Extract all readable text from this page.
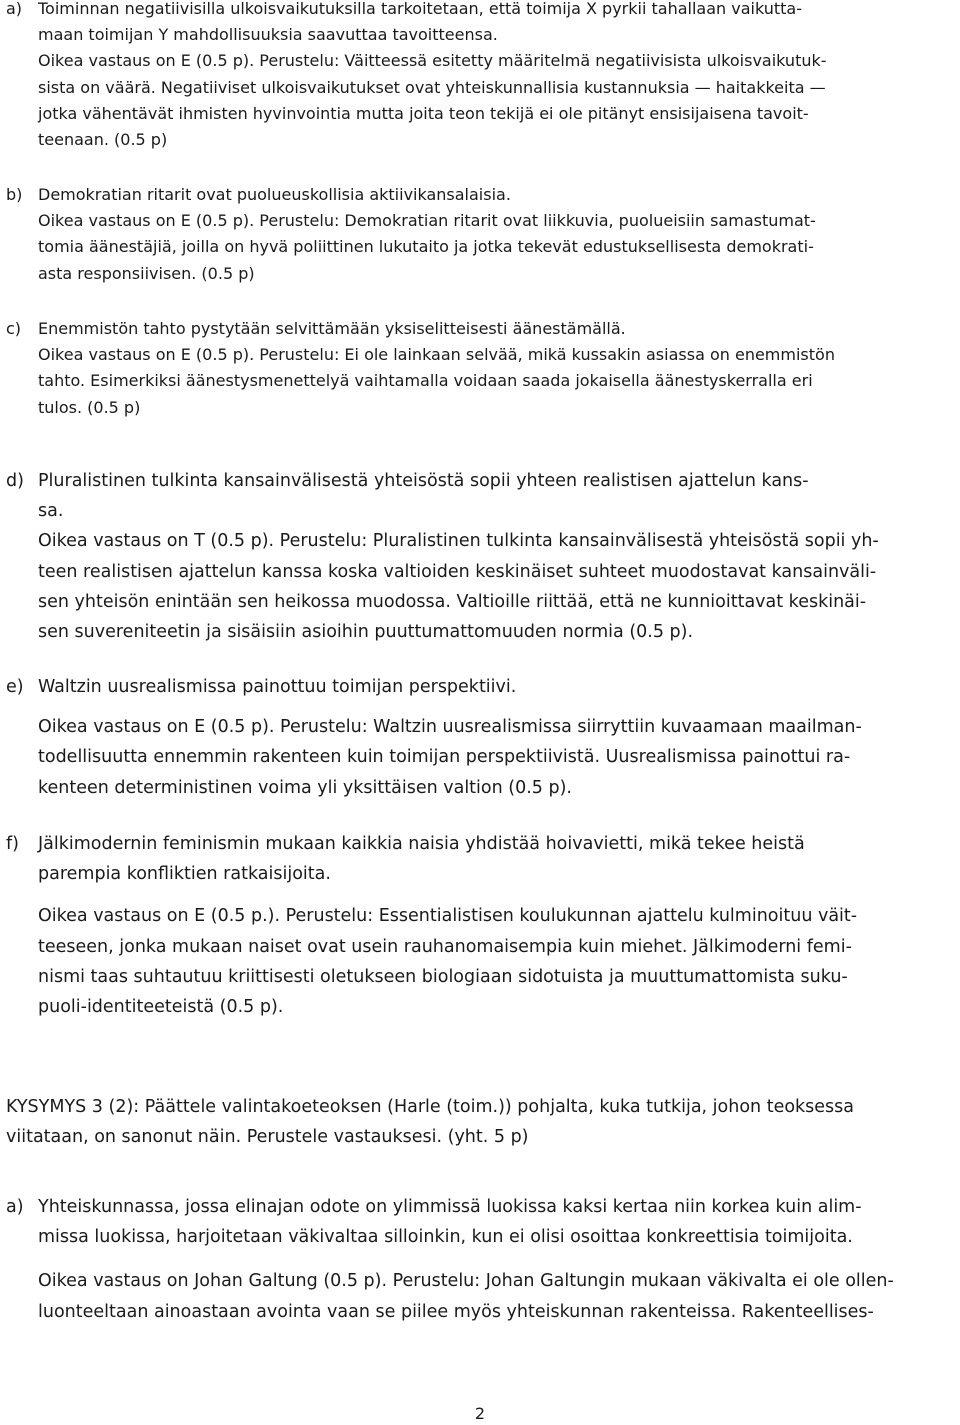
a) Toiminnan negatiivisilla ulkoisvaikutuksilla tarkoitetaan, että toimija X pyrkii tahallaan vaikutta-

maan toimijan Y mahdollisuuksia saavuttaa tavoitteensa.

Oikea vastaus on E (0.5 p). Perustelu: Väitteessä esitetty määritelmä negatiivisista ulkoisvaikutuk-

sista on väärä. Negatiiviset ulkoisvaikutukset ovat yhteiskunnallisia kustannuksia — haitakkeita —

jotka vähentävät ihmisten hyvinvointia mutta joita teon tekijä ei ole pitänyt ensisijaisena tavoit-

teenaan. (0.5 p)

b) Demokratian ritarit ovat puolueuskollisia aktiivikansalaisia.

Oikea vastaus on E (0.5 p). Perustelu: Demokratian ritarit ovat liikkuvia, puolueisiin samastumat-

tomia äänestäjiä, joilla on hyvä poliittinen lukutaito ja jotka tekevät edustuksellisesta demokrati-

asta responsiivisen. (0.5 p)

c) Enemmistön tahto pystytään selvittämään yksiselitteisesti äänestämällä.

Oikea vastaus on E (0.5 p). Perustelu: Ei ole lainkaan selvää, mikä kussakin asiassa on enemmistön

tahto. Esimerkiksi äänestysmenettelyä vaihtamalla voidaan saada jokaisella äänestyskerralla eri

tulos. (0.5 p)

d) Pluralistinen tulkinta kansainvälisestä yhteisöstä sopii yhteen realistisen ajattelun kans-

sa.

Oikea vastaus on T (0.5 p). Perustelu: Pluralistinen tulkinta kansainvälisestä yhteisöstä sopii yh-

teen realistisen ajattelun kanssa koska valtioiden keskinäiset suhteet muodostavat kansainväli-

sen yhteisön enintään sen heikossa muodossa. Valtioille riittää, että ne kunnioittavat keskinäi-

sen suvereniteetin ja sisäisiin asioihin puuttumattomuuden normia (0.5 p).

e) Waltzin uusrealismissa painottuu toimijan perspektiivi.

Oikea vastaus on E (0.5 p). Perustelu: Waltzin uusrealismissa siirryttiin kuvaamaan maailman-

todellisuutta ennemmin rakenteen kuin toimijan perspektiivistä. Uusrealismissa painottui ra-

kenteen deterministinen voima yli yksittäisen valtion (0.5 p).

f) Jälkimodernin feminismin mukaan kaikkia naisia yhdistää hoivavietti, mikä tekee heistä

parempia konfliktien ratkaisijoita.

Oikea vastaus on E (0.5 p.). Perustelu: Essentialistisen koulukunnan ajattelu kulminoituu väit-

teeseen, jonka mukaan naiset ovat usein rauhanomaisempia kuin miehet. Jälkimoderni femi-

nismi taas suhtautuu kriittisesti oletukseen biologiaan sidotuista ja muuttumattomista suku-

puoli-identiteeteistä (0.5 p).

KYSYMYS 3 (2): Päättele valintakoeteoksen (Harle (toim.)) pohjalta, kuka tutkija, johon teoksessa

viitataan, on sanonut näin. Perustele vastauksesi. (yht. 5 p)

a) Yhteiskunnassa, jossa elinajan odote on ylimmissä luokissa kaksi kertaa niin korkea kuin alim-

missa luokissa, harjoitetaan väkivaltaa silloinkin, kun ei olisi osoittaa konkreettisia toimijoita.

Oikea vastaus on Johan Galtung (0.5 p). Perustelu: Johan Galtungin mukaan väkivalta ei ole ollen-

luonteeltaan ainoastaan avointa vaan se piilee myös yhteiskunnan rakenteissa. Rakenteellises-

2
